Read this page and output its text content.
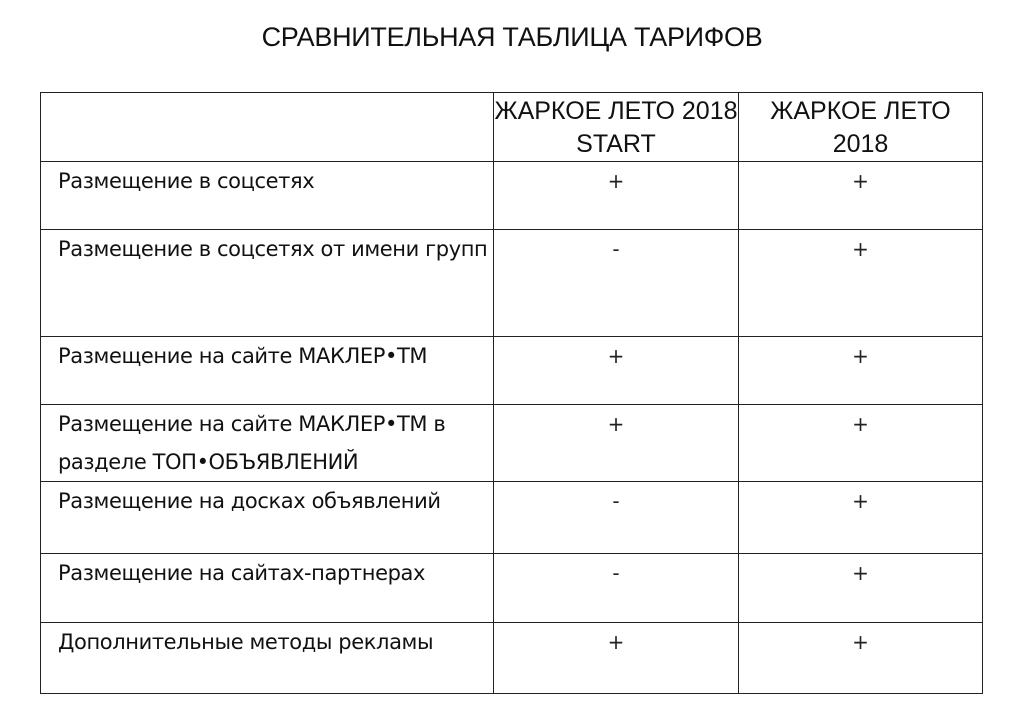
СРАВНИТЕЛЬНАЯ ТАБЛИЦА ТАРИФОВ
	ЖАРКОЕ ЛЕТО 2018 START	ЖАРКОЕ ЛЕТО 2018
Размещение в соцсетях	+	+
Размещение в соцсетях от имени групп	-	+
Размещение на сайте МАКЛЕР•ТМ	+	+
Размещение на сайте МАКЛЕР•ТМ в разделе ТОП•ОБЪЯВЛЕНИЙ	+	+
Размещение на досках объявлений	-	+
Размещение на сайтах-партнерах	-	+
Дополнительные методы рекламы	+	+
